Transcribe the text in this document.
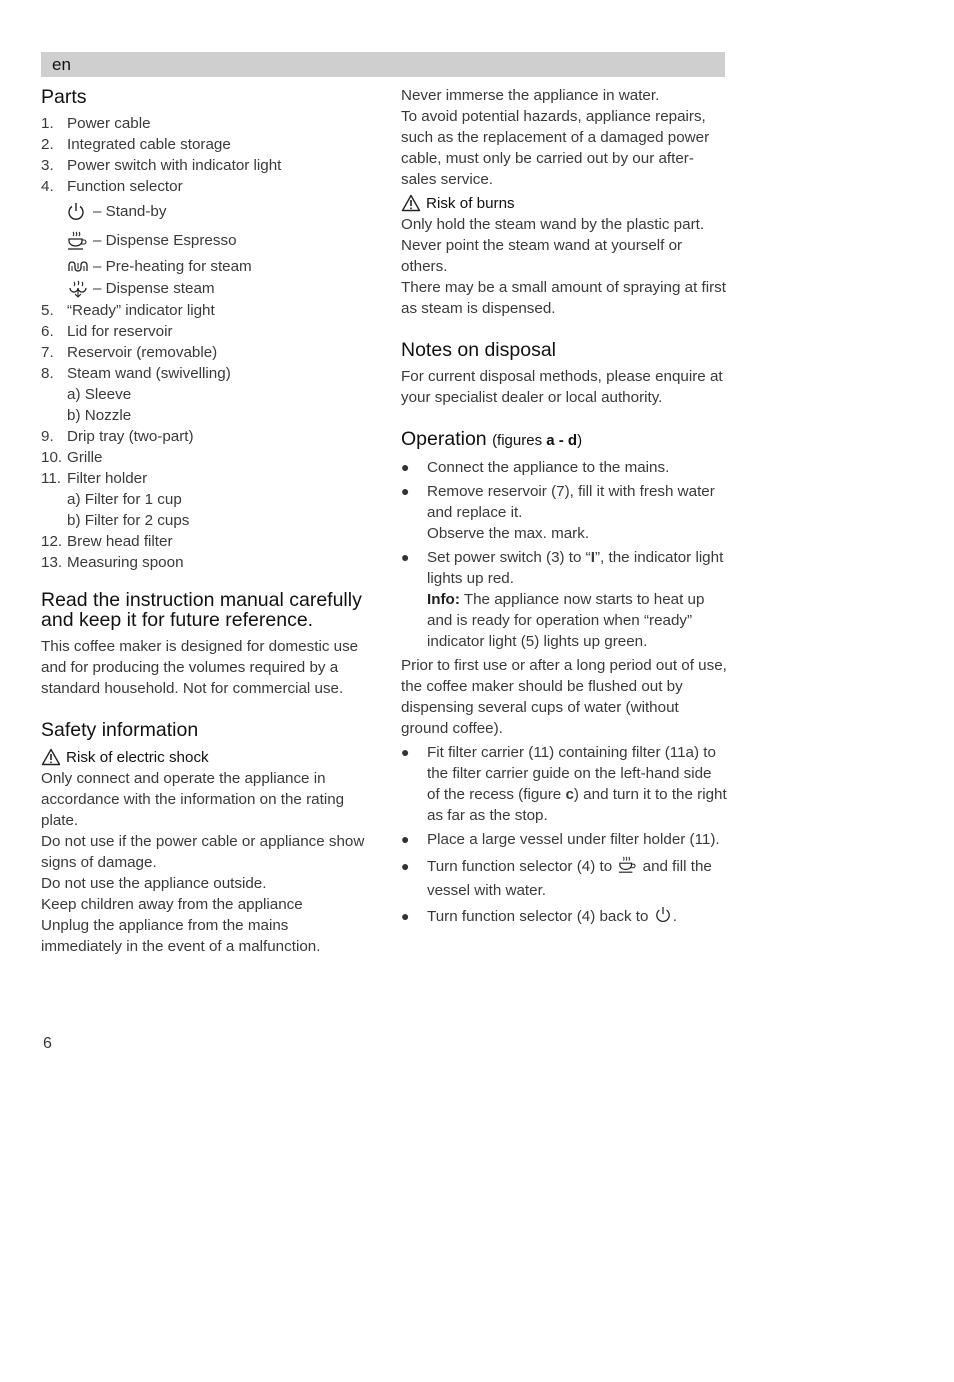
en
Parts
1. Power cable
2. Integrated cable storage
3. Power switch with indicator light
4. Function selector
– Stand-by
– Dispense Espresso
– Pre-heating for steam
– Dispense steam
5. “Ready” indicator light
6. Lid for reservoir
7. Reservoir (removable)
8. Steam wand (swivelling)
a) Sleeve
b) Nozzle
9. Drip tray (two-part)
10. Grille
11. Filter holder
a) Filter for 1 cup
b) Filter for 2 cups
12. Brew head filter
13. Measuring spoon
Read the instruction manual carefully and keep it for future reference.

This coffee maker is designed for domestic use and for producing the volumes required by a standard household. Not for commercial use.

Safety information
Risk of electric shock

Only connect and operate the appliance in accordance with the information on the rating plate.

Do not use if the power cable or appliance show signs of damage.

Do not use the appliance outside.

Keep children away from the appliance

Unplug the appliance from the mains immediately in the event of a malfunction.

Never immerse the appliance in water.

To avoid potential hazards, appliance repairs, such as the replacement of a damaged power cable, must only be carried out by our after-sales service.

Risk of burns

Only hold the steam wand by the plastic part.

Never point the steam wand at yourself or others.

There may be a small amount of spraying at first as steam is dispensed.

Notes on disposal

For current disposal methods, please enquire at your specialist dealer or local authority.

Operation (figures a - d)
● Connect the appliance to the mains.
● Remove reservoir (7), fill it with fresh water and replace it.
Observe the max. mark.
● Set power switch (3) to “I”, the indicator light lights up red.
Info: The appliance now starts to heat up and is ready for operation when “ready” indicator light (5) lights up green.

Prior to first use or after a long period out of use, the coffee maker should be flushed out by dispensing several cups of water (without ground coffee).

● Fit filter carrier (11) containing filter (11a) to the filter carrier guide on the left-hand side of the recess (figure c) and turn it to the right as far as the stop.
● Place a large vessel under filter holder (11).
● Turn function selector (4) to and fill the vessel with water.
● Turn function selector (4) back to .
6
